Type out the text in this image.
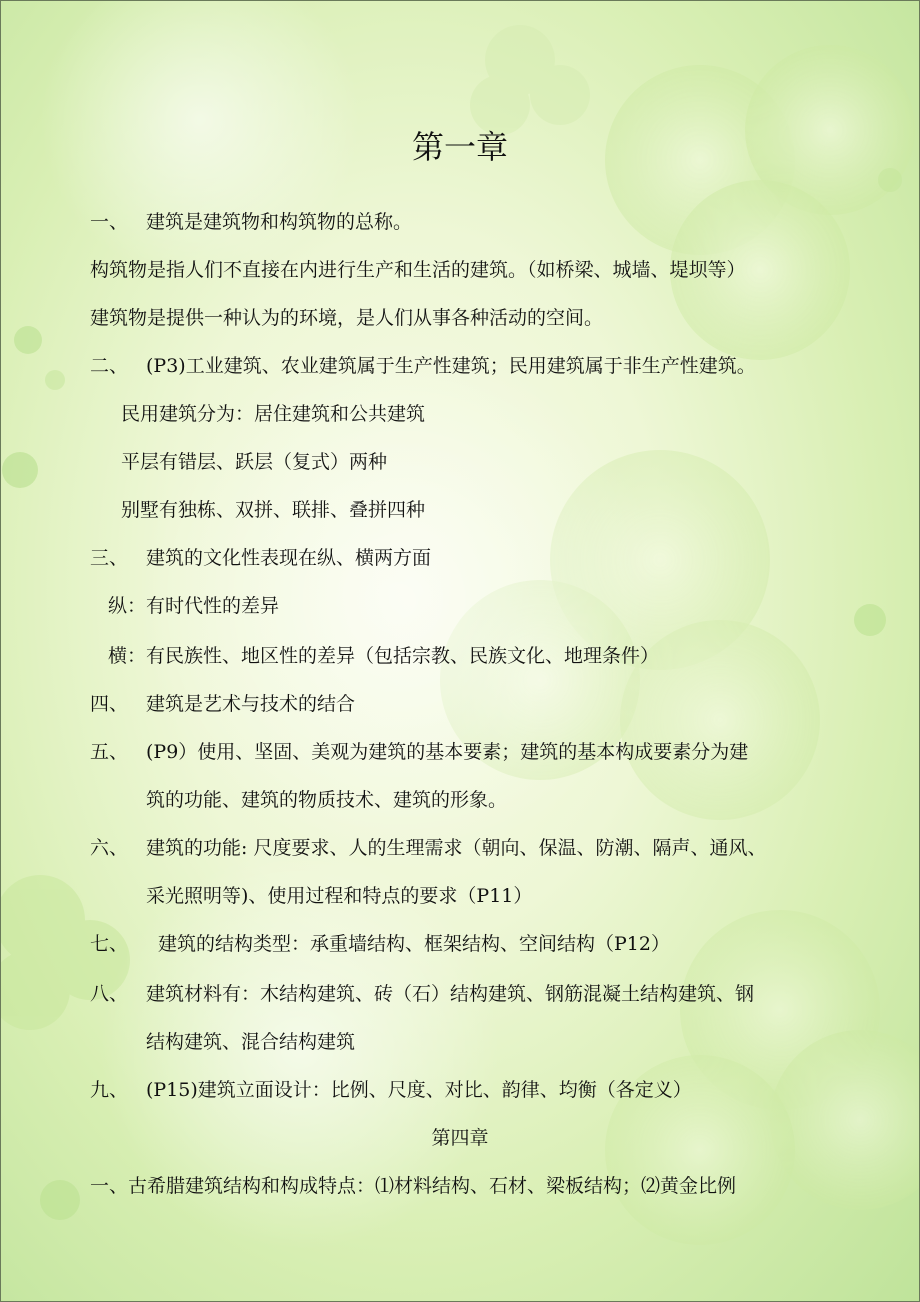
第一章
一、 建筑是建筑物和构筑物的总称。
构筑物是指人们不直接在内进行生产和生活的建筑。（如桥梁、城墙、堤坝等）
建筑物是提供一种认为的环境，是人们从事各种活动的空间。
二、 (P3)工业建筑、农业建筑属于生产性建筑；民用建筑属于非生产性建筑。
民用建筑分为：居住建筑和公共建筑
平层有错层、跃层（复式）两种
别墅有独栋、双拼、联排、叠拼四种
三、 建筑的文化性表现在纵、横两方面
纵：有时代性的差异
横：有民族性、地区性的差异（包括宗教、民族文化、地理条件）
四、 建筑是艺术与技术的结合
五、 (P9）使用、坚固、美观为建筑的基本要素；建筑的基本构成要素分为建
筑的功能、建筑的物质技术、建筑的形象。
六、 建筑的功能: 尺度要求、人的生理需求（朝向、保温、防潮、隔声、通风、
采光照明等)、使用过程和特点的要求（P11）
七、 建筑的结构类型：承重墙结构、框架结构、空间结构（P12）
八、 建筑材料有：木结构建筑、砖（石）结构建筑、钢筋混凝土结构建筑、钢
结构建筑、混合结构建筑
九、 (P15)建筑立面设计：比例、尺度、对比、韵律、均衡（各定义）
第四章
一、古希腊建筑结构和构成特点：⑴材料结构、石材、梁板结构；⑵黄金比例
